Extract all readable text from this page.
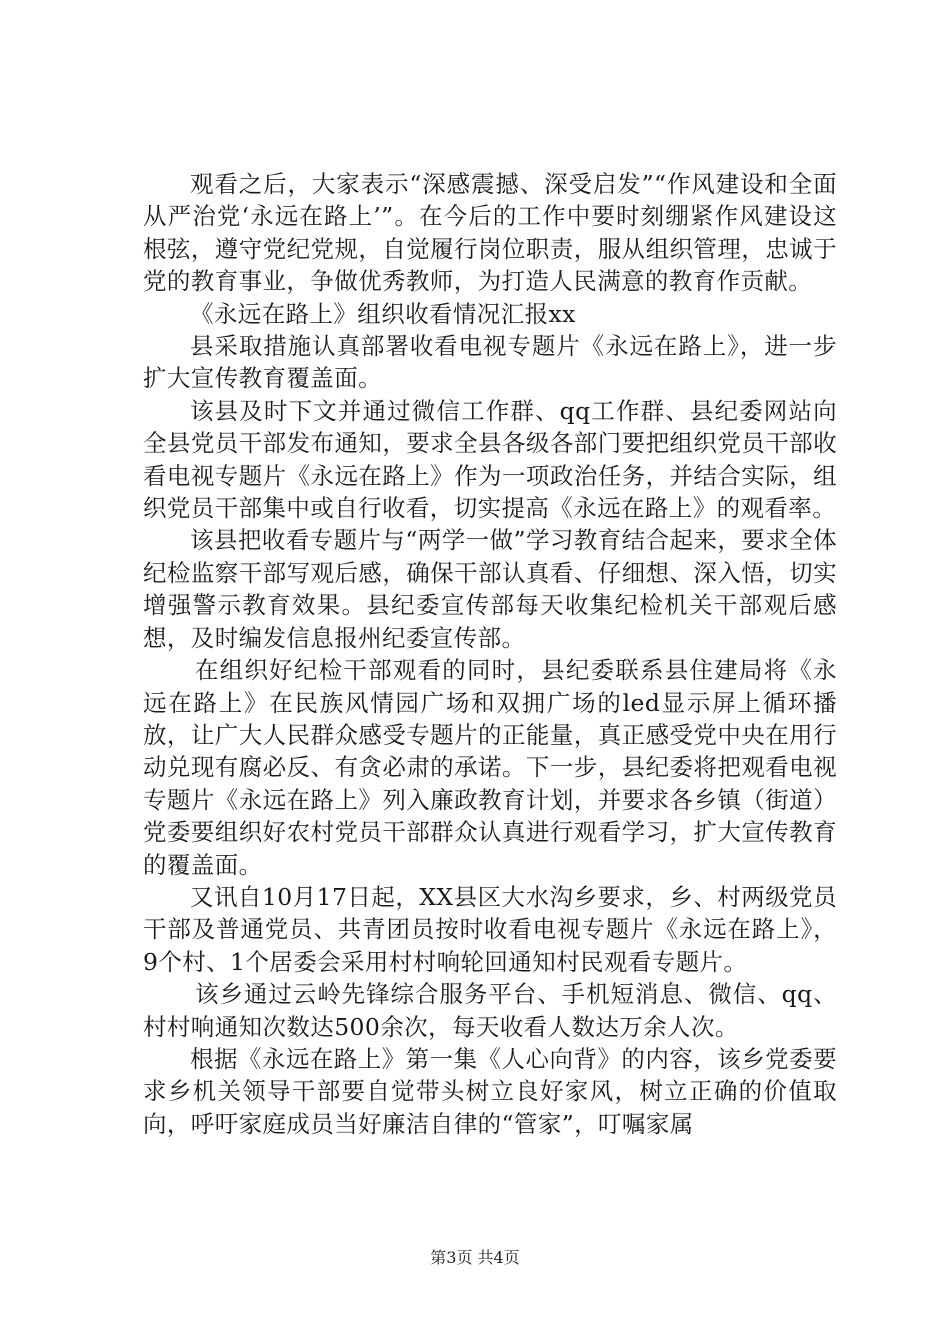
观看之后，大家表示“深感震撼、深受启发”“作风建设和全面从严治党‘永远在路上’”。在今后的工作中要时刻绷紧作风建设这根弦，遵守党纪党规，自觉履行岗位职责，服从组织管理，忠诚于党的教育事业，争做优秀教师，为打造人民满意的教育作贡献。

《永远在路上》组织收看情况汇报xx

县采取措施认真部署收看电视专题片《永远在路上》，进一步扩大宣传教育覆盖面。

该县及时下文并通过微信工作群、qq工作群、县纪委网站向全县党员干部发布通知，要求全县各级各部门要把组织党员干部收看电视专题片《永远在路上》作为一项政治任务，并结合实际，组织党员干部集中或自行收看，切实提高《永远在路上》的观看率。

该县把收看专题片与“两学一做”学习教育结合起来，要求全体纪检监察干部写观后感，确保干部认真看、仔细想、深入悟，切实增强警示教育效果。县纪委宣传部每天收集纪检机关干部观后感想，及时编发信息报州纪委宣传部。

在组织好纪检干部观看的同时，县纪委联系县住建局将《永远在路上》在民族风情园广场和双拥广场的led显示屏上循环播放，让广大人民群众感受专题片的正能量，真正感受党中央在用行动兑现有腐必反、有贪必肃的承诺。下一步，县纪委将把观看电视专题片《永远在路上》列入廉政教育计划，并要求各乡镇（街道）党委要组织好农村党员干部群众认真进行观看学习，扩大宣传教育的覆盖面。

又讯自10月17日起，XX县区大水沟乡要求，乡、村两级党员干部及普通党员、共青团员按时收看电视专题片《永远在路上》，9个村、1个居委会采用村村响轮回通知村民观看专题片。

该乡通过云岭先锋综合服务平台、手机短消息、微信、qq、村村响通知次数达500余次，每天收看人数达万余人次。

根据《永远在路上》第一集《人心向背》的内容，该乡党委要求乡机关领导干部要自觉带头树立良好家风，树立正确的价值取向，呼吁家庭成员当好廉洁自律的“管家”，叮嘱家属

第3页 共4页
